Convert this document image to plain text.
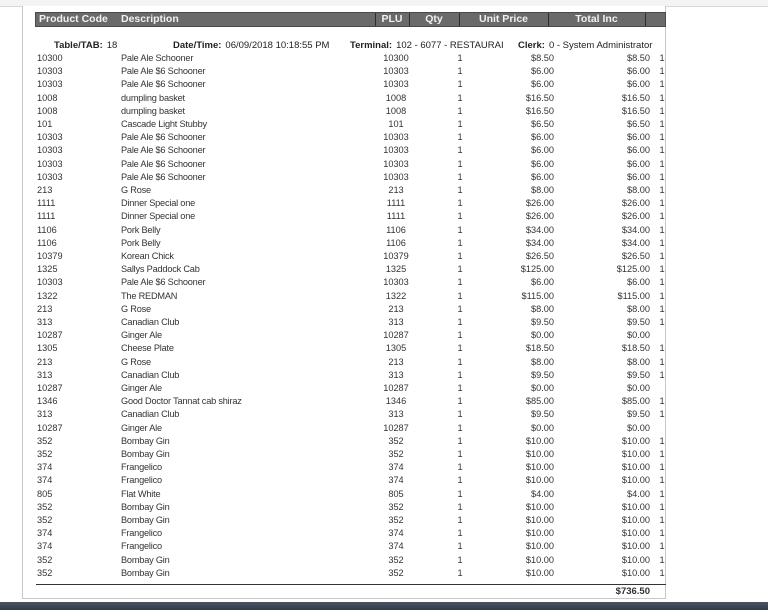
Product Code Description	PLU	Qty	Unit Price	Total Inc
Table/TAB: 18	Date/Time: 06/09/2018 10:18:55 PM Terminal: 102 - 6077 - RESTAURAI Clerk: 0 - System Administrator
10300	Pale Ale Schooner	10300	1	$8.50	$8.50 1
10303	Pale Ale $6 Schooner	10303	1	$6.00	$6.00 1
10303	Pale Ale $6 Schooner	10303	1	$6.00	$6.00 1
1008	dumpling basket	1008	1	$16.50	$16.50 1
1008	dumpling basket	1008	1	$16.50	$16.50 1
101	Cascade Light Stubby	101	1	$6.50	$6.50 1
10303	Pale Ale $6 Schooner	10303	1	$6.00	$6.00 1
10303	Pale Ale $6 Schooner	10303	1	$6.00	$6.00 1
10303	Pale Ale $6 Schooner	10303	1	$6.00	$6.00 1
10303	Pale Ale $6 Schooner	10303	1	$6.00	$6.00 1
213	G Rose	213	1	$8.00	$8.00 1
1111	Dinner Special one	1111	1	$26.00	$26.00 1
1111	Dinner Special one	1111	1	$26.00	$26.00 1
1106	Pork Belly	1106	1	$34.00	$34.00 1
1106	Pork Belly	1106	1	$34.00	$34.00 1
10379	Korean Chick	10379	1	$26.50	$26.50 1
1325	Sallys Paddock Cab	1325	1	$125.00	$125.00 1
10303	Pale Ale $6 Schooner	10303	1	$6.00	$6.00 1
1322	The REDMAN	1322	1	$115.00	$115.00 1
213	G Rose	213	1	$8.00	$8.00 1
313	Canadian Club	313	1	$9.50	$9.50 1
10287	Ginger Ale	10287	1	$0.00	$0.00
1305	Cheese Plate	1305	1	$18.50	$18.50 1
213	G Rose	213	1	$8.00	$8.00 1
313	Canadian Club	313	1	$9.50	$9.50 1
10287	Ginger Ale	10287	1	$0.00	$0.00
1346	Good Doctor Tannat cab shiraz	1346	1	$85.00	$85.00 1
313	Canadian Club	313	1	$9.50	$9.50 1
10287	Ginger Ale	10287	1	$0.00	$0.00
352	Bombay Gin	352	1	$10.00	$10.00 1
352	Bombay Gin	352	1	$10.00	$10.00 1
374	Frangelico	374	1	$10.00	$10.00 1
374	Frangelico	374	1	$10.00	$10.00 1
805	Flat White	805	1	$4.00	$4.00 1
352	Bombay Gin	352	1	$10.00	$10.00 1
352	Bombay Gin	352	1	$10.00	$10.00 1
374	Frangelico	374	1	$10.00	$10.00 1
374	Frangelico	374	1	$10.00	$10.00 1
352	Bombay Gin	352	1	$10.00	$10.00 1
352	Bombay Gin	352	1	$10.00	$10.00 1
$736.50
